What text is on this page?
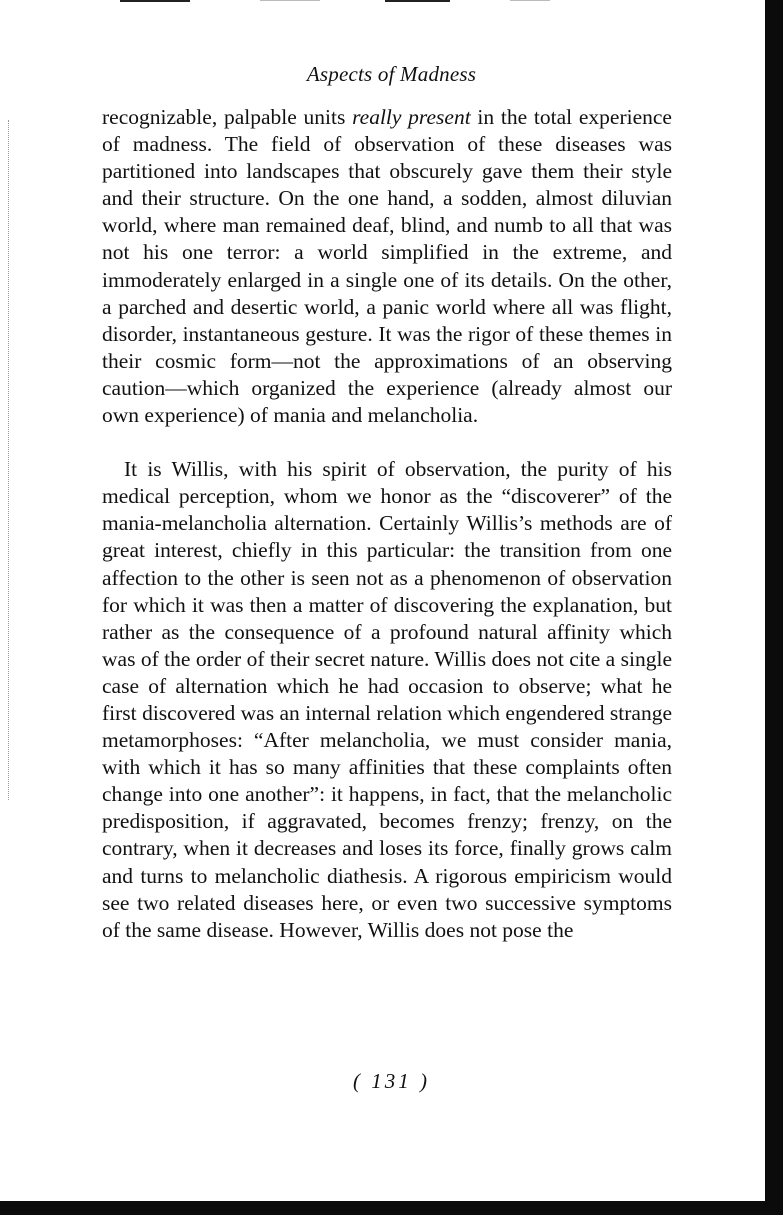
Aspects of Madness

recognizable, palpable units really present in the total experience of madness. The field of observation of these diseases was partitioned into landscapes that obscurely gave them their style and their structure. On the one hand, a sodden, almost diluvian world, where man remained deaf, blind, and numb to all that was not his one terror: a world simplified in the extreme, and immoderately enlarged in a single one of its details. On the other, a parched and desertic world, a panic world where all was flight, disorder, instantaneous gesture. It was the rigor of these themes in their cosmic form—not the approximations of an observing caution—which organized the experience (already almost our own experience) of mania and melancholia.

It is Willis, with his spirit of observation, the purity of his medical perception, whom we honor as the “discoverer” of the mania-melancholia alternation. Certainly Willis’s methods are of great interest, chiefly in this particular: the transition from one affection to the other is seen not as a phenomenon of observation for which it was then a matter of discovering the explanation, but rather as the consequence of a profound natural affinity which was of the order of their secret nature. Willis does not cite a single case of alternation which he had occasion to observe; what he first discovered was an internal relation which engendered strange metamorphoses: “After melancholia, we must consider mania, with which it has so many affinities that these complaints often change into one another”: it happens, in fact, that the melancholic predisposition, if aggravated, becomes frenzy; frenzy, on the contrary, when it decreases and loses its force, finally grows calm and turns to melancholic diathesis. A rigorous empiricism would see two related diseases here, or even two successive symptoms of the same disease. However, Willis does not pose the

( 131 )
